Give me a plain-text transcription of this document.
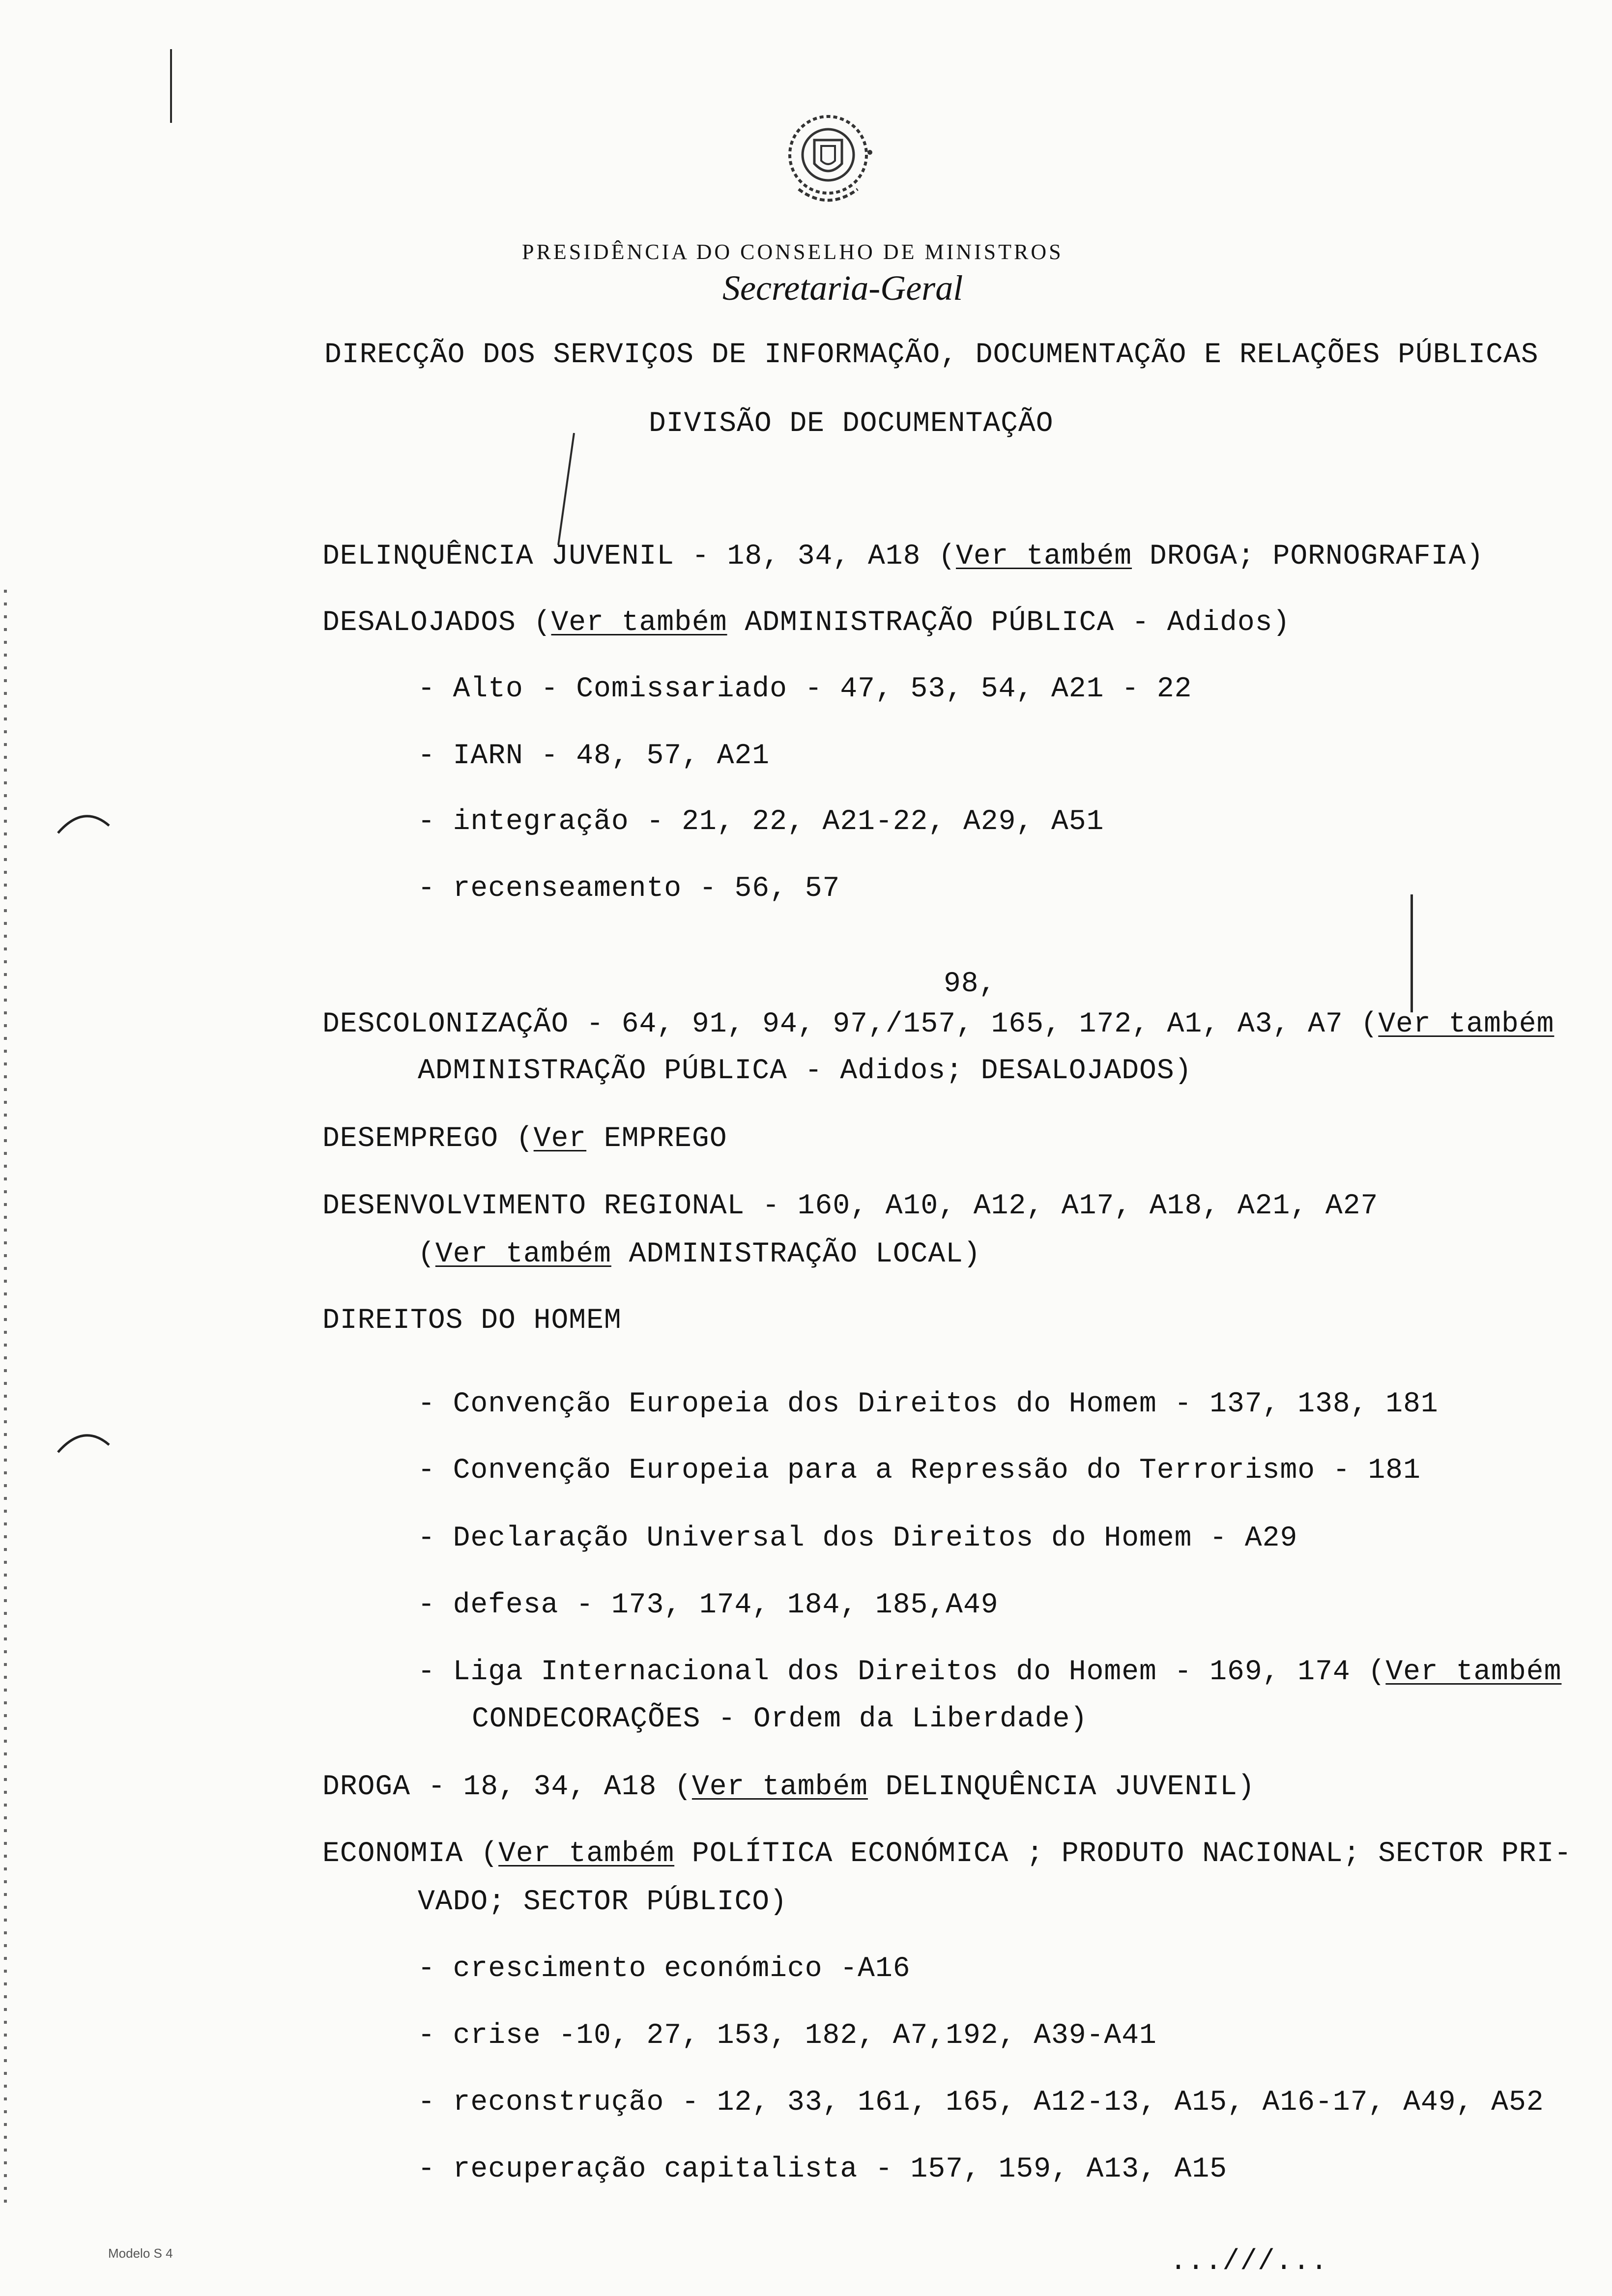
PRESIDÊNCIA DO CONSELHO DE MINISTROS
Secretaria-Geral
DIRECÇÃO DOS SERVIÇOS DE INFORMAÇÃO, DOCUMENTAÇÃO E RELAÇÕES PÚBLICAS
DIVISÃO DE DOCUMENTAÇÃO
DELINQUÊNCIA JUVENIL - 18, 34, A18 (Ver também DROGA; PORNOGRAFIA)
DESALOJADOS (Ver também ADMINISTRAÇÃO PÚBLICA - Adidos)
- Alto - Comissariado - 47, 53, 54, A21 - 22
- IARN - 48, 57, A21
- integração - 21, 22, A21-22, A29, A51
- recenseamento - 56, 57
98,
DESCOLONIZAÇÃO - 64, 91, 94, 97,/157, 165, 172, A1, A3, A7 (Ver também
ADMINISTRAÇÃO PÚBLICA - Adidos; DESALOJADOS)
DESEMPREGO (Ver EMPREGO
DESENVOLVIMENTO REGIONAL - 160, A10, A12, A17, A18, A21, A27
(Ver também ADMINISTRAÇÃO LOCAL)
DIREITOS DO HOMEM
- Convenção Europeia dos Direitos do Homem - 137, 138, 181
- Convenção Europeia para a Repressão do Terrorismo - 181
- Declaração Universal dos Direitos do Homem - A29
- defesa - 173, 174, 184, 185,A49
- Liga Internacional dos Direitos do Homem - 169, 174 (Ver também
CONDECORAÇÕES - Ordem da Liberdade)
DROGA - 18, 34, A18 (Ver também DELINQUÊNCIA JUVENIL)
ECONOMIA (Ver também POLÍTICA ECONÓMICA ; PRODUTO NACIONAL; SECTOR PRI-
VADO; SECTOR PÚBLICO)
- crescimento económico -A16
- crise -10, 27, 153, 182, A7,192, A39-A41
- reconstrução - 12, 33, 161, 165, A12-13, A15, A16-17, A49, A52
- recuperação capitalista - 157, 159, A13, A15
Modelo S 4	...///...
